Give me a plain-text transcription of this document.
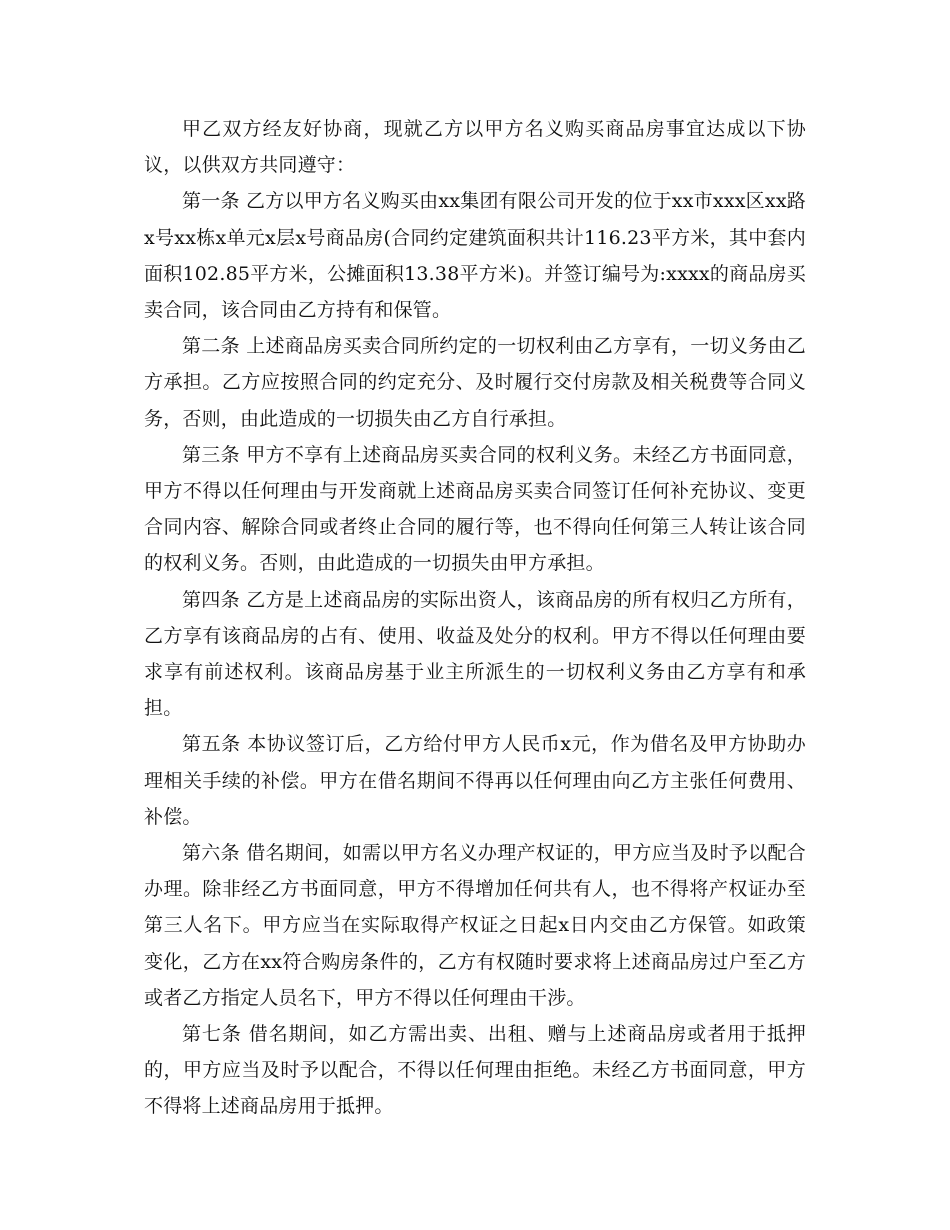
甲乙双方经友好协商，现就乙方以甲方名义购买商品房事宜达成以下协议，以供双方共同遵守：

第一条 乙方以甲方名义购买由xx集团有限公司开发的位于xx市xxx区xx路x号xx栋x单元x层x号商品房(合同约定建筑面积共计116.23平方米，其中套内面积102.85平方米，公摊面积13.38平方米)。并签订编号为:xxxx的商品房买卖合同，该合同由乙方持有和保管。

第二条 上述商品房买卖合同所约定的一切权利由乙方享有，一切义务由乙方承担。乙方应按照合同的约定充分、及时履行交付房款及相关税费等合同义务，否则，由此造成的一切损失由乙方自行承担。

第三条 甲方不享有上述商品房买卖合同的权利义务。未经乙方书面同意，甲方不得以任何理由与开发商就上述商品房买卖合同签订任何补充协议、变更合同内容、解除合同或者终止合同的履行等，也不得向任何第三人转让该合同的权利义务。否则，由此造成的一切损失由甲方承担。

第四条 乙方是上述商品房的实际出资人，该商品房的所有权归乙方所有，乙方享有该商品房的占有、使用、收益及处分的权利。甲方不得以任何理由要求享有前述权利。该商品房基于业主所派生的一切权利义务由乙方享有和承担。

第五条 本协议签订后，乙方给付甲方人民币x元，作为借名及甲方协助办理相关手续的补偿。甲方在借名期间不得再以任何理由向乙方主张任何费用、补偿。

第六条 借名期间，如需以甲方名义办理产权证的，甲方应当及时予以配合办理。除非经乙方书面同意，甲方不得增加任何共有人，也不得将产权证办至第三人名下。甲方应当在实际取得产权证之日起x日内交由乙方保管。如政策变化，乙方在xx符合购房条件的，乙方有权随时要求将上述商品房过户至乙方或者乙方指定人员名下，甲方不得以任何理由干涉。

第七条 借名期间，如乙方需出卖、出租、赠与上述商品房或者用于抵押的，甲方应当及时予以配合，不得以任何理由拒绝。未经乙方书面同意，甲方不得将上述商品房用于抵押。
